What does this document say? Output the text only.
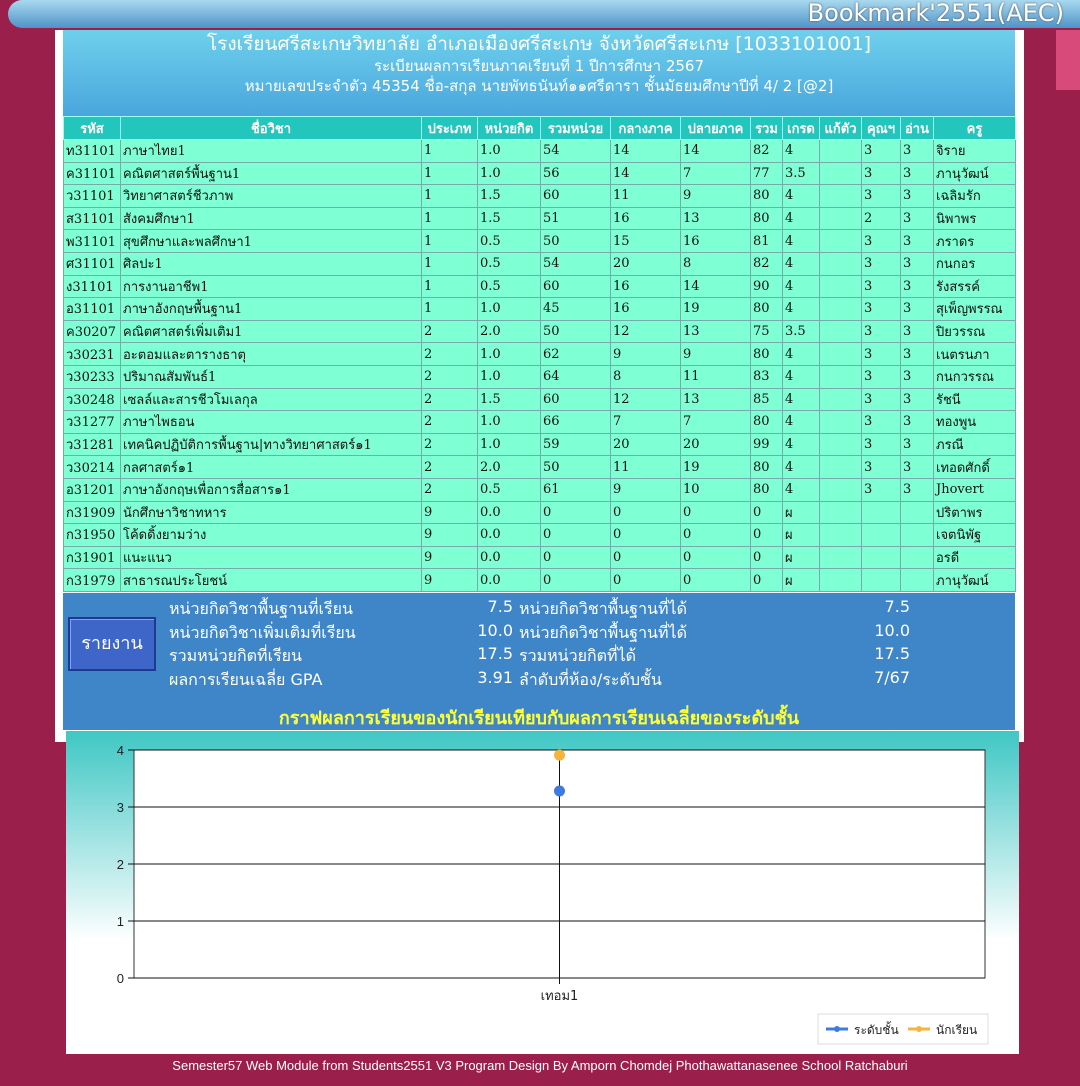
Bookmark'2551(AEC)
โรงเรียนศรีสะเกษวิทยาลัย อำเภอเมืองศรีสะเกษ จังหวัดศรีสะเกษ [1033101001]
ระเบียนผลการเรียนภาคเรียนที่ 1 ปีการศึกษา 2567
หมายเลขประจำตัว 45354 ชื่อ-สกุล นายพัทธนันท์๑๑ศรีดารา ชั้นมัธยมศึกษาปีที่ 4/ 2 [@2]
รหัส	ชื่อวิชา	ประเภท	หน่วยกิต	รวมหน่วย	กลางภาค	ปลายภาค	รวม	เกรด	แก้ตัว	คุณฯ	อ่าน	ครู
ท31101	ภาษาไทย1	1	1.0	54	14	14	82	4		3	3	จิราย
ค31101	คณิตศาสตร์พื้นฐาน1	1	1.0	56	14	7	77	3.5		3	3	ภานุวัฒน์
ว31101	วิทยาศาสตร์ชีวภาพ	1	1.5	60	11	9	80	4		3	3	เฉลิมรัก
ส31101	สังคมศึกษา1	1	1.5	51	16	13	80	4		2	3	นิพาพร
พ31101	สุขศึกษาและพลศึกษา1	1	0.5	50	15	16	81	4		3	3	ภราดร
ศ31101	ศิลปะ1	1	0.5	54	20	8	82	4		3	3	กนกอร
ง31101	การงานอาชีพ1	1	0.5	60	16	14	90	4		3	3	รังสรรค์
อ31101	ภาษาอังกฤษพื้นฐาน1	1	1.0	45	16	19	80	4		3	3	สุเพ็ญพรรณ
ค30207	คณิตศาสตร์เพิ่มเติม1	2	2.0	50	12	13	75	3.5		3	3	ปิยวรรณ
ว30231	อะตอมและตารางธาตุ	2	1.0	62	9	9	80	4		3	3	เนตรนภา
ว30233	ปริมาณสัมพันธ์1	2	1.0	64	8	11	83	4		3	3	กนกวรรณ
ว30248	เซลล์และสารชีวโมเลกุล	2	1.5	60	12	13	85	4		3	3	รัชนี
ว31277	ภาษาไพธอน	2	1.0	66	7	7	80	4		3	3	ทองพูน
ว31281	เทคนิคปฏิบัติการพื้นฐาน|ทางวิทยาศาสตร์๑1	2	1.0	59	20	20	99	4		3	3	ภรณี
ว30214	กลศาสตร์๑1	2	2.0	50	11	19	80	4		3	3	เทอดศักดิ์
อ31201	ภาษาอังกฤษเพื่อการสื่อสาร๑1	2	0.5	61	9	10	80	4		3	3	Jhovert
ก31909	นักศึกษาวิชาทหาร	9	0.0	0	0	0	0	ผ				ปริตาพร
ก31950	โค้ดดิ้งยามว่าง	9	0.0	0	0	0	0	ผ				เจตนิพัฐ
ก31901	แนะแนว	9	0.0	0	0	0	0	ผ				อรดี
ก31979	สาธารณประโยชน์	9	0.0	0	0	0	0	ผ				ภานุวัฒน์
รายงาน
หน่วยกิตวิชาพื้นฐานที่เรียน	7.5 หน่วยกิตวิชาพื้นฐานที่ได้	7.5
หน่วยกิตวิชาเพิ่มเติมที่เรียน	10.0 หน่วยกิตวิชาพื้นฐานที่ได้	10.0
รวมหน่วยกิตที่เรียน	17.5 รวมหน่วยกิตที่ได้	17.5
ผลการเรียนเฉลี่ย GPA	3.91 ลำดับที่ห้อง/ระดับชั้น	7/67
กราฟผลการเรียนของนักเรียนเทียบกับผลการเรียนเฉลี่ยของระดับชั้น
0
1
2
3
4
เทอม1
ระดับชั้น	นักเรียน
Semester57 Web Module from Students2551 V3 Program Design By Amporn Chomdej Phothawattanasenee School Ratchaburi
